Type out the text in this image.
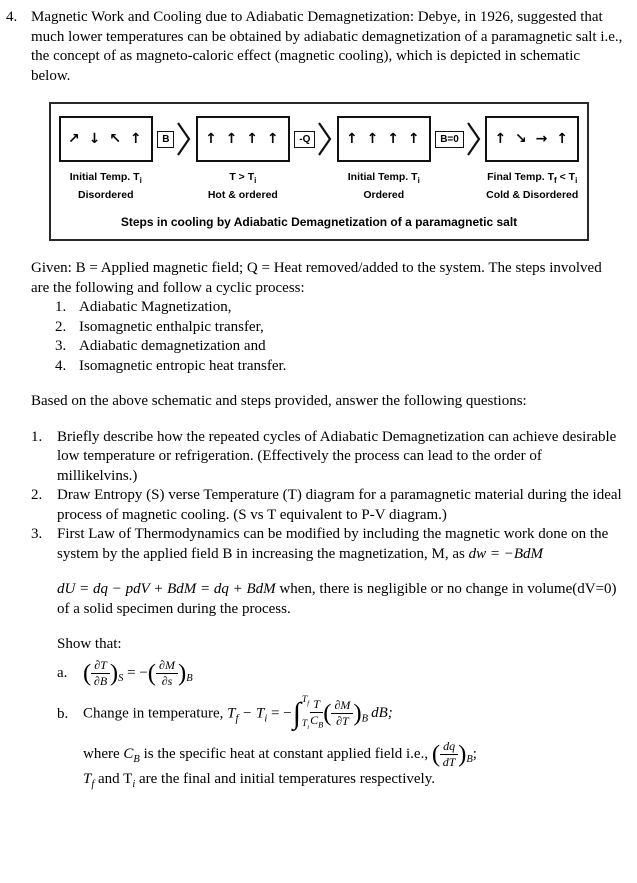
4. Magnetic Work and Cooling due to Adiabatic Demagnetization: Debye, in 1926, suggested that much lower temperatures can be obtained by adiabatic demagnetization of a paramagnetic salt i.e., the concept of as magneto-caloric effect (magnetic cooling), which is depicted in schematic below.

↗ ↓ ↖ ↑
Initial Temp. $T_i$
Disordered
B	↑ ↑ ↑ ↑
$T > T_i$
Hot & ordered
-Q	↑ ↑ ↑ ↑
Initial Temp. $T_i$
Ordered
B=0	↑ ↘ → ↑
Final Temp. $T_f < T_i$
Cold & Disordered
Steps in cooling by Adiabatic Demagnetization of a paramagnetic salt

Given: B = Applied magnetic field; Q = Heat removed/added to the system. The steps involved are the following and follow a cyclic process:

1. Adiabatic Magnetization,
2. Isomagnetic enthalpic transfer,
3. Adiabatic demagnetization and
4. Isomagnetic entropic heat transfer.

Based on the above schematic and steps provided, answer the following questions:

1. Briefly describe how the repeated cycles of Adiabatic Demagnetization can achieve desirable low temperature or refrigeration. (Effectively the process can lead to the order of millikelvins.)
2. Draw Entropy (S) verse Temperature (T) diagram for a paramagnetic material during the ideal process of magnetic cooling. (S vs T equivalent to P-V diagram.)
3. First Law of Thermodynamics can be modified by including the magnetic work done on the system by the applied field B in increasing the magnetization, M, as dw = −BdM
dU = dq − pdV + BdM = dq + BdM when, there is negligible or no change in volume(dV=0) of a solid specimen during the process.
Show that:
a. ( $\frac{\partial T}{\partial B} )_S$ = −( $\frac{\partial M}{\partial s} )_B$
b. Change in temperature, $T_f - T_i$ = − ∫ $T_f$
$T_i \frac{T}{C_B}$ ( $\frac{\partial M}{\partial T} )_B$ dB;
where $C_B$ is the specific heat at constant applied field i.e., ( $\frac{dq}{dT} )_B$;
$T_f$ and $T_i$ are the final and initial temperatures respectively.
